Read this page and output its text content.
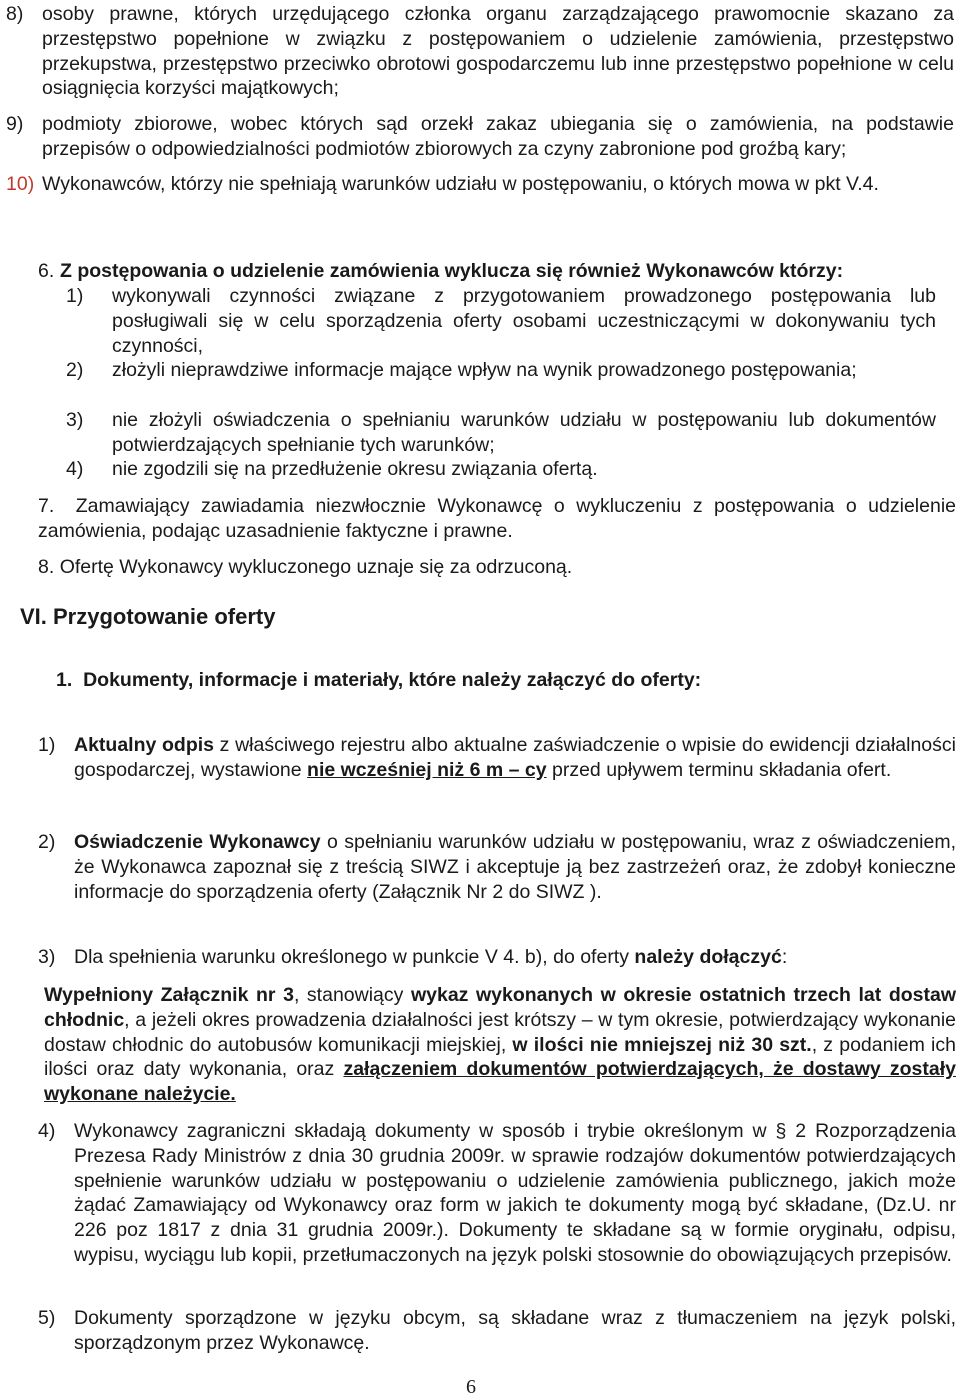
8) osoby prawne, których urzędującego członka organu zarządzającego prawomocnie skazano za przestępstwo popełnione w związku z postępowaniem o udzielenie zamówienia, przestępstwo przekupstwa, przestępstwo przeciwko obrotowi gospodarczemu lub inne przestępstwo popełnione w celu osiągnięcia korzyści majątkowych;
9) podmioty zbiorowe, wobec których sąd orzekł zakaz ubiegania się o zamówienia, na podstawie przepisów o odpowiedzialności podmiotów zbiorowych za czyny zabronione pod groźbą kary;
10) Wykonawców, którzy nie spełniają warunków udziału w postępowaniu, o których mowa w pkt V.4.
6. Z postępowania o udzielenie zamówienia wyklucza się również Wykonawców którzy:
1) wykonywali czynności związane z przygotowaniem prowadzonego postępowania lub posługiwali się w celu sporządzenia oferty osobami uczestniczącymi w dokonywaniu tych czynności,
2) złożyli nieprawdziwe informacje mające wpływ na wynik prowadzonego postępowania;
3) nie złożyli oświadczenia o spełnianiu warunków udziału w postępowaniu lub dokumentów potwierdzających spełnianie tych warunków;
4) nie zgodzili się na przedłużenie okresu związania ofertą.
7. Zamawiający zawiadamia niezwłocznie Wykonawcę o wykluczeniu z postępowania o udzielenie zamówienia, podając uzasadnienie faktyczne i prawne.
8. Ofertę Wykonawcy wykluczonego uznaje się za odrzuconą.
VI. Przygotowanie oferty
1.  Dokumenty, informacje i materiały, które należy załączyć do oferty:
1) Aktualny odpis z właściwego rejestru albo aktualne zaświadczenie o wpisie do ewidencji działalności gospodarczej, wystawione nie wcześniej niż 6 m – cy przed upływem terminu składania ofert.
2) Oświadczenie Wykonawcy o spełnianiu warunków udziału w postępowaniu, wraz z oświadczeniem, że Wykonawca zapoznał się z treścią SIWZ i akceptuje ją bez zastrzeżeń oraz, że zdobył konieczne informacje do sporządzenia oferty (Załącznik Nr 2 do SIWZ ).
3) Dla spełnienia warunku określonego w punkcie V 4. b), do oferty należy dołączyć:
Wypełniony Załącznik nr 3, stanowiący wykaz wykonanych w okresie ostatnich trzech lat dostaw chłodnic, a jeżeli okres prowadzenia działalności jest krótszy – w tym okresie, potwierdzający wykonanie dostaw chłodnic do autobusów komunikacji miejskiej, w ilości nie mniejszej niż 30 szt., z podaniem ich ilości oraz daty wykonania, oraz załączeniem dokumentów potwierdzających, że dostawy zostały wykonane należycie.
4) Wykonawcy zagraniczni składają dokumenty w sposób i trybie określonym w § 2 Rozporządzenia Prezesa Rady Ministrów z dnia 30 grudnia 2009r. w sprawie rodzajów dokumentów potwierdzających spełnienie warunków udziału w postępowaniu o udzielenie zamówienia publicznego, jakich może żądać Zamawiający od Wykonawcy oraz form w jakich te dokumenty mogą być składane, (Dz.U. nr 226 poz 1817 z dnia 31 grudnia 2009r.). Dokumenty te składane są w formie oryginału, odpisu, wypisu, wyciągu lub kopii, przetłumaczonych na język polski stosownie do obowiązujących przepisów.
5) Dokumenty sporządzone w języku obcym, są składane wraz z tłumaczeniem na język polski, sporządzonym przez Wykonawcę.
6
